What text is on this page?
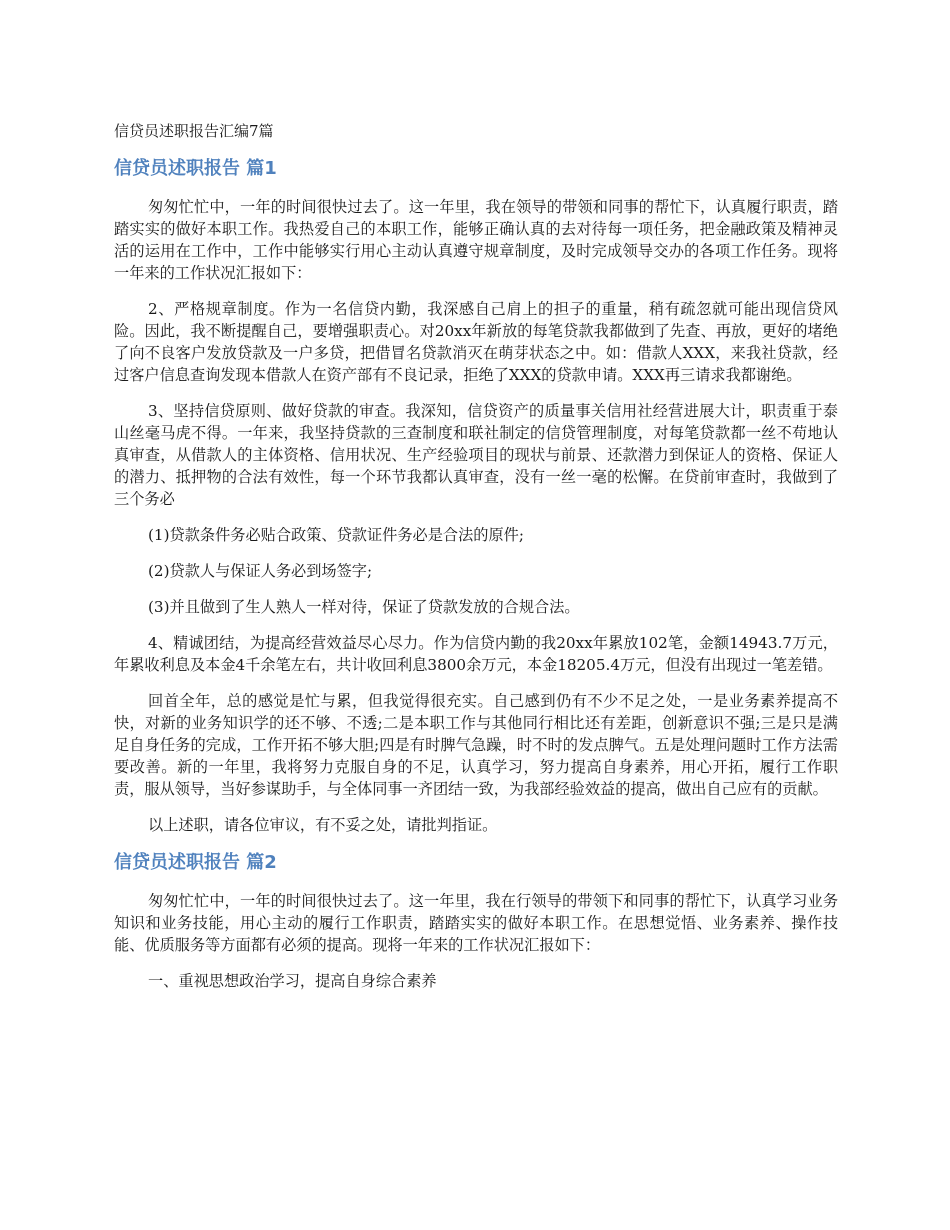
信贷员述职报告汇编7篇
信贷员述职报告 篇1

匆匆忙忙中，一年的时间很快过去了。这一年里，我在领导的带领和同事的帮忙下，认真履行职责，踏踏实实的做好本职工作。我热爱自己的本职工作，能够正确认真的去对待每一项任务，把金融政策及精神灵活的运用在工作中，工作中能够实行用心主动认真遵守规章制度，及时完成领导交办的各项工作任务。现将一年来的工作状况汇报如下：

2、严格规章制度。作为一名信贷内勤，我深感自己肩上的担子的重量，稍有疏忽就可能出现信贷风险。因此，我不断提醒自己，要增强职责心。对20xx年新放的每笔贷款我都做到了先查、再放，更好的堵绝了向不良客户发放贷款及一户多贷，把借冒名贷款消灭在萌芽状态之中。如：借款人XXX，来我社贷款，经过客户信息查询发现本借款人在资产部有不良记录，拒绝了XXX的贷款申请。XXX再三请求我都谢绝。

3、坚持信贷原则、做好贷款的审查。我深知，信贷资产的质量事关信用社经营进展大计，职责重于泰山丝毫马虎不得。一年来，我坚持贷款的三查制度和联社制定的信贷管理制度，对每笔贷款都一丝不苟地认真审查，从借款人的主体资格、信用状况、生产经验项目的现状与前景、还款潜力到保证人的资格、保证人的潜力、抵押物的合法有效性，每一个环节我都认真审查，没有一丝一毫的松懈。在贷前审查时，我做到了三个务必

(1)贷款条件务必贴合政策、贷款证件务必是合法的原件;

(2)贷款人与保证人务必到场签字;

(3)并且做到了生人熟人一样对待，保证了贷款发放的合规合法。

4、精诚团结，为提高经营效益尽心尽力。作为信贷内勤的我20xx年累放102笔，金额14943.7万元，年累收利息及本金4千余笔左右，共计收回利息3800余万元，本金18205.4万元，但没有出现过一笔差错。

回首全年，总的感觉是忙与累，但我觉得很充实。自己感到仍有不少不足之处，一是业务素养提高不快，对新的业务知识学的还不够、不透;二是本职工作与其他同行相比还有差距，创新意识不强;三是只是满足自身任务的完成，工作开拓不够大胆;四是有时脾气急躁，时不时的发点脾气。五是处理问题时工作方法需要改善。新的一年里，我将努力克服自身的不足，认真学习，努力提高自身素养，用心开拓，履行工作职责，服从领导，当好参谋助手，与全体同事一齐团结一致，为我部经验效益的提高，做出自己应有的贡献。

以上述职，请各位审议，有不妥之处，请批判指证。

信贷员述职报告 篇2

匆匆忙忙中，一年的时间很快过去了。这一年里，我在行领导的带领下和同事的帮忙下，认真学习业务知识和业务技能，用心主动的履行工作职责，踏踏实实的做好本职工作。在思想觉悟、业务素养、操作技能、优质服务等方面都有必须的提高。现将一年来的工作状况汇报如下：

一、重视思想政治学习，提高自身综合素养
